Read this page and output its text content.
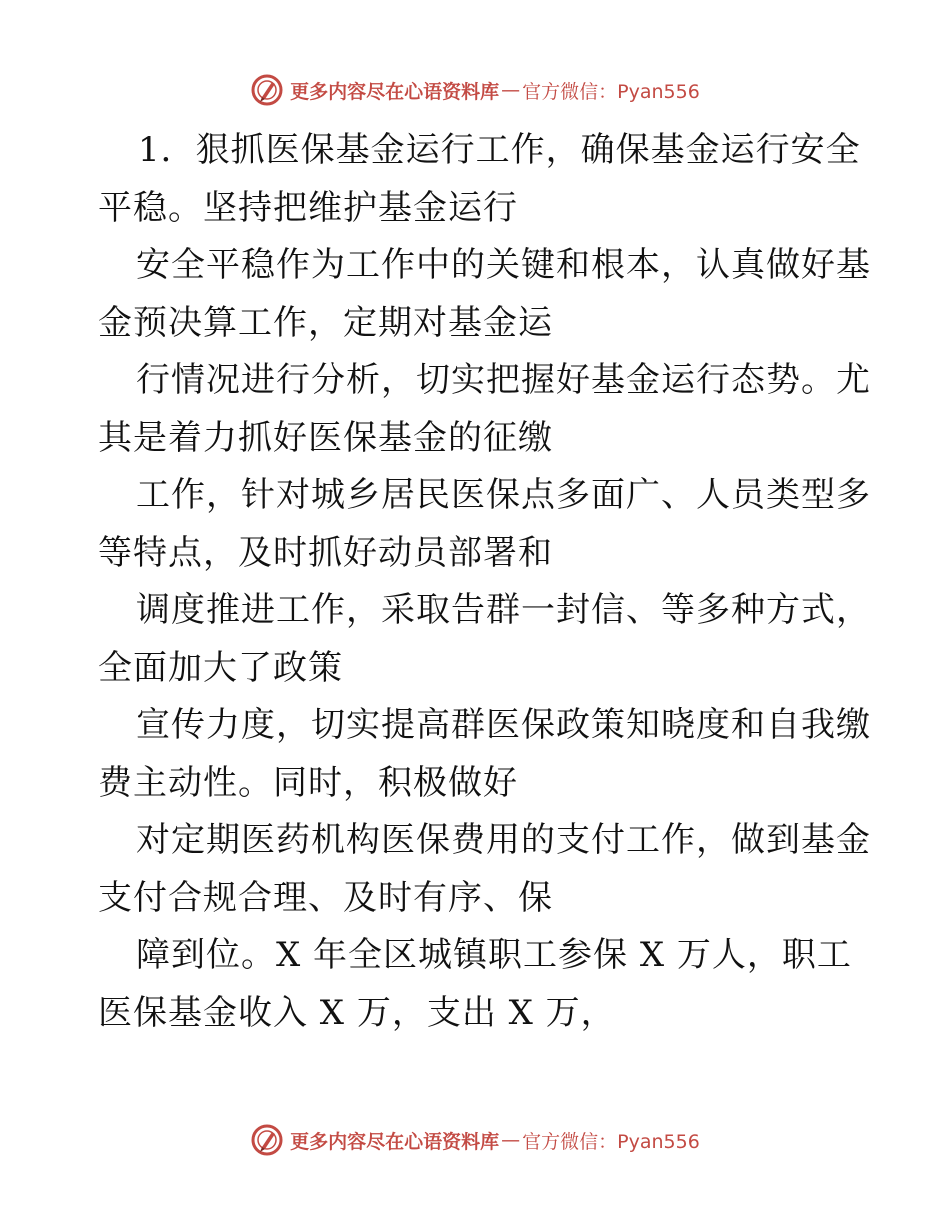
更多内容尽在心语资料库 — 官方微信：Pyan556
1．狠抓医保基金运行工作，确保基金运行安全
平稳。坚持把维护基金运行
安全平稳作为工作中的关键和根本，认真做好基
金预决算工作，定期对基金运
行情况进行分析，切实把握好基金运行态势。尤
其是着力抓好医保基金的征缴
工作，针对城乡居民医保点多面广、人员类型多
等特点，及时抓好动员部署和
调度推进工作，采取告群一封信、等多种方式，
全面加大了政策
宣传力度，切实提高群医保政策知晓度和自我缴
费主动性。同时，积极做好
对定期医药机构医保费用的支付工作，做到基金
支付合规合理、及时有序、保
障到位。X 年全区城镇职工参保 X 万人，职工
医保基金收入 X 万，支出 X 万，
更多内容尽在心语资料库 — 官方微信：Pyan556
